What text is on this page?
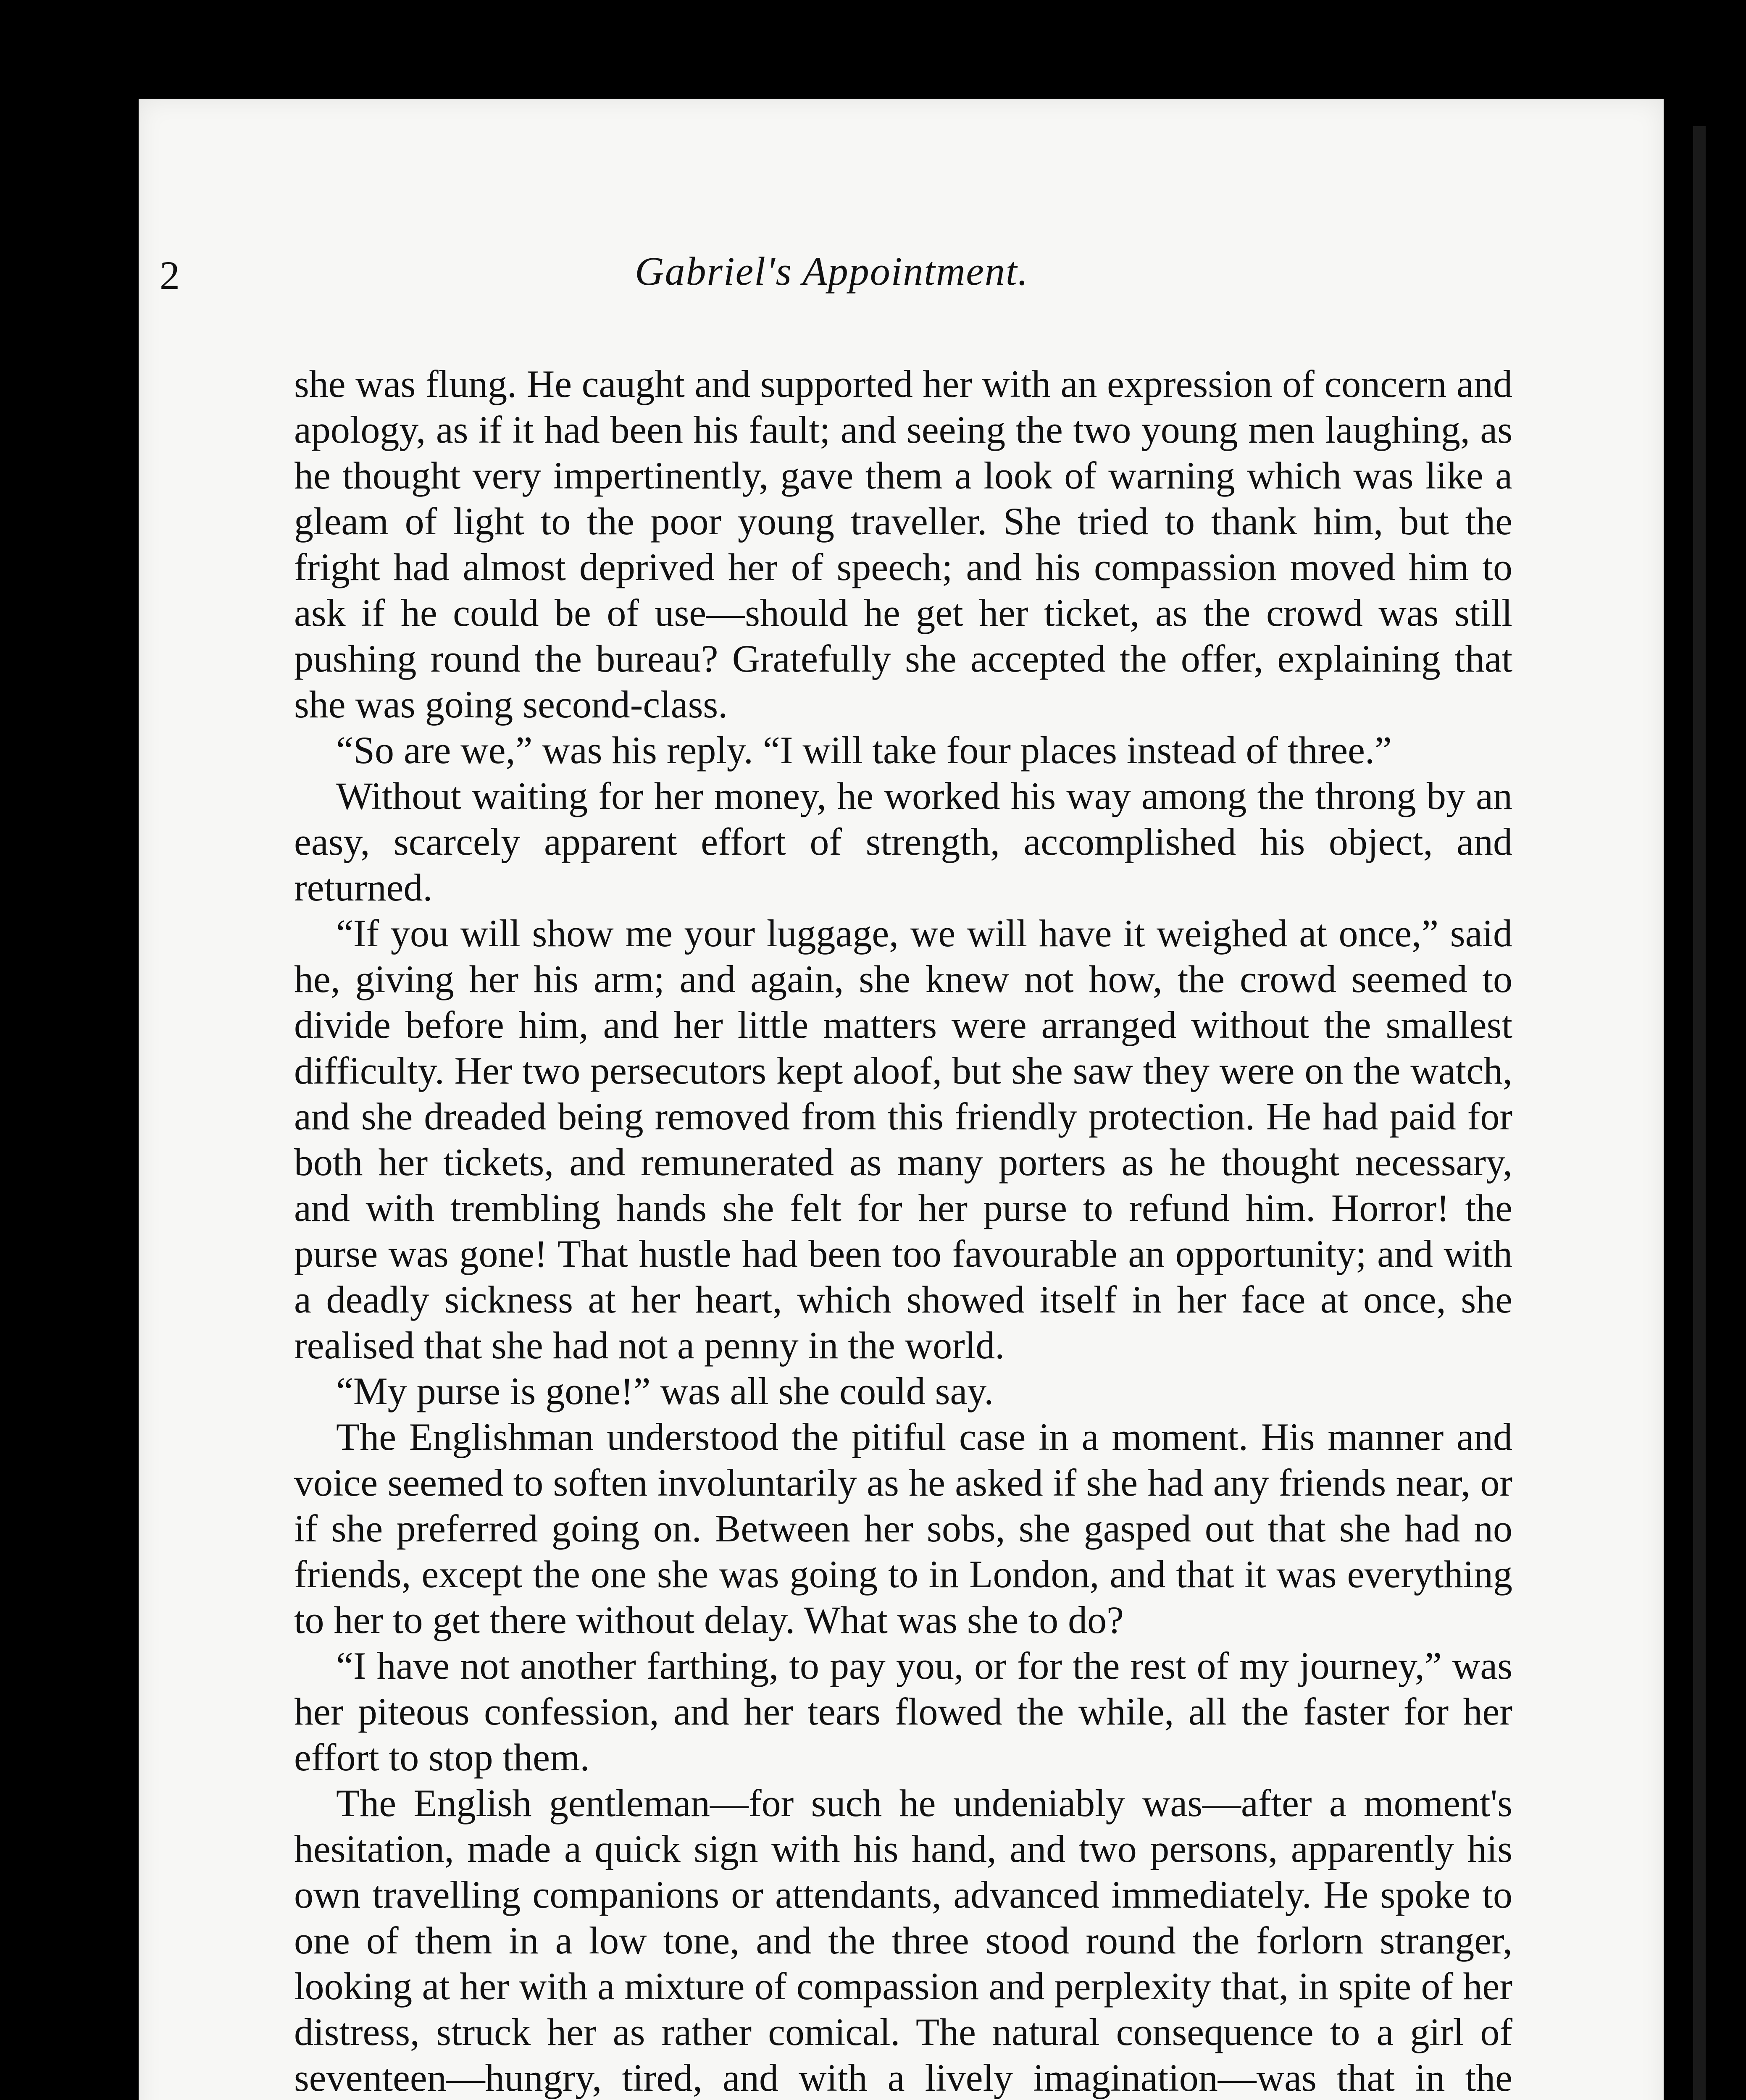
2	Gabriel's Appointment.

she was flung. He caught and supported her with an expression of concern and apology, as if it had been his fault; and seeing the two young men laughing, as he thought very impertinently, gave them a look of warning which was like a gleam of light to the poor young traveller. She tried to thank him, but the fright had almost deprived her of speech; and his compassion moved him to ask if he could be of use—should he get her ticket, as the crowd was still pushing round the bureau? Gratefully she accepted the offer, explaining that she was going second-class.

“So are we,” was his reply. “I will take four places instead of three.”

Without waiting for her money, he worked his way among the throng by an easy, scarcely apparent effort of strength, accomplished his object, and returned.

“If you will show me your luggage, we will have it weighed at once,” said he, giving her his arm; and again, she knew not how, the crowd seemed to divide before him, and her little matters were arranged without the smallest difficulty. Her two persecutors kept aloof, but she saw they were on the watch, and she dreaded being removed from this friendly protection. He had paid for both her tickets, and remunerated as many porters as he thought necessary, and with trembling hands she felt for her purse to refund him. Horror! the purse was gone! That hustle had been too favourable an opportunity; and with a deadly sickness at her heart, which showed itself in her face at once, she realised that she had not a penny in the world.

“My purse is gone!” was all she could say.

The Englishman understood the pitiful case in a moment. His manner and voice seemed to soften involuntarily as he asked if she had any friends near, or if she preferred going on. Between her sobs, she gasped out that she had no friends, except the one she was going to in London, and that it was everything to her to get there without delay. What was she to do?

“I have not another farthing, to pay you, or for the rest of my journey,” was her piteous confession, and her tears flowed the while, all the faster for her effort to stop them.

The English gentleman—for such he undeniably was—after a moment's hesitation, made a quick sign with his hand, and two persons, apparently his own travelling companions or attendants, advanced immediately. He spoke to one of them in a low tone, and the three stood round the forlorn stranger, looking at her with a mixture of compassion and perplexity that, in spite of her distress, struck her as rather comical. The natural consequence to a girl of seventeen—hungry, tired, and with a lively imagination—was that in the
